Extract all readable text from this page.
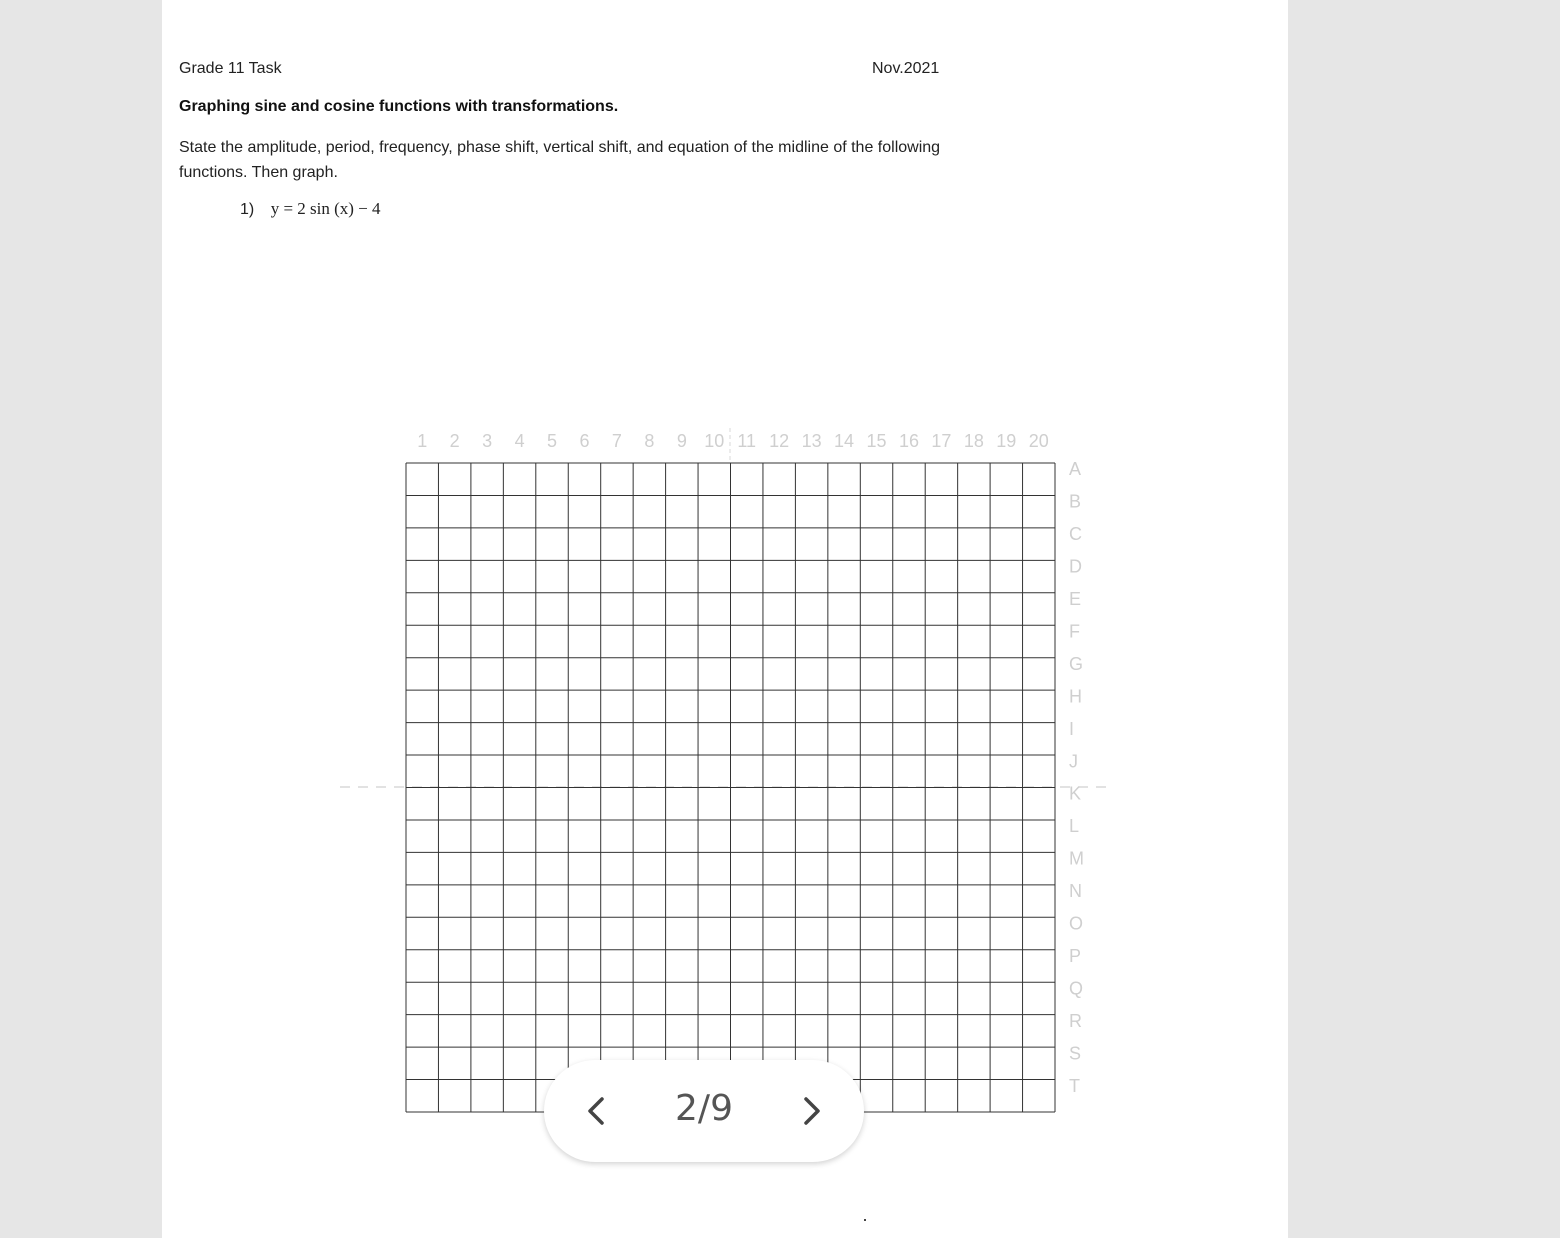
Grade 11 Task	Nov.2021
Graphing sine and cosine functions with transformations.
State the amplitude, period, frequency, phase shift, vertical shift, and equation of the midline of the following functions. Then graph.
1) y = 2 sin (x) − 4
1 2 3 4 5 6 7 8 9 10 11 12 13 14 15 16 17 18 19 20
A
B
C
D
E
F
G
H
I
J
K
L
M
N
O
P
Q
R
S
T
2/9
